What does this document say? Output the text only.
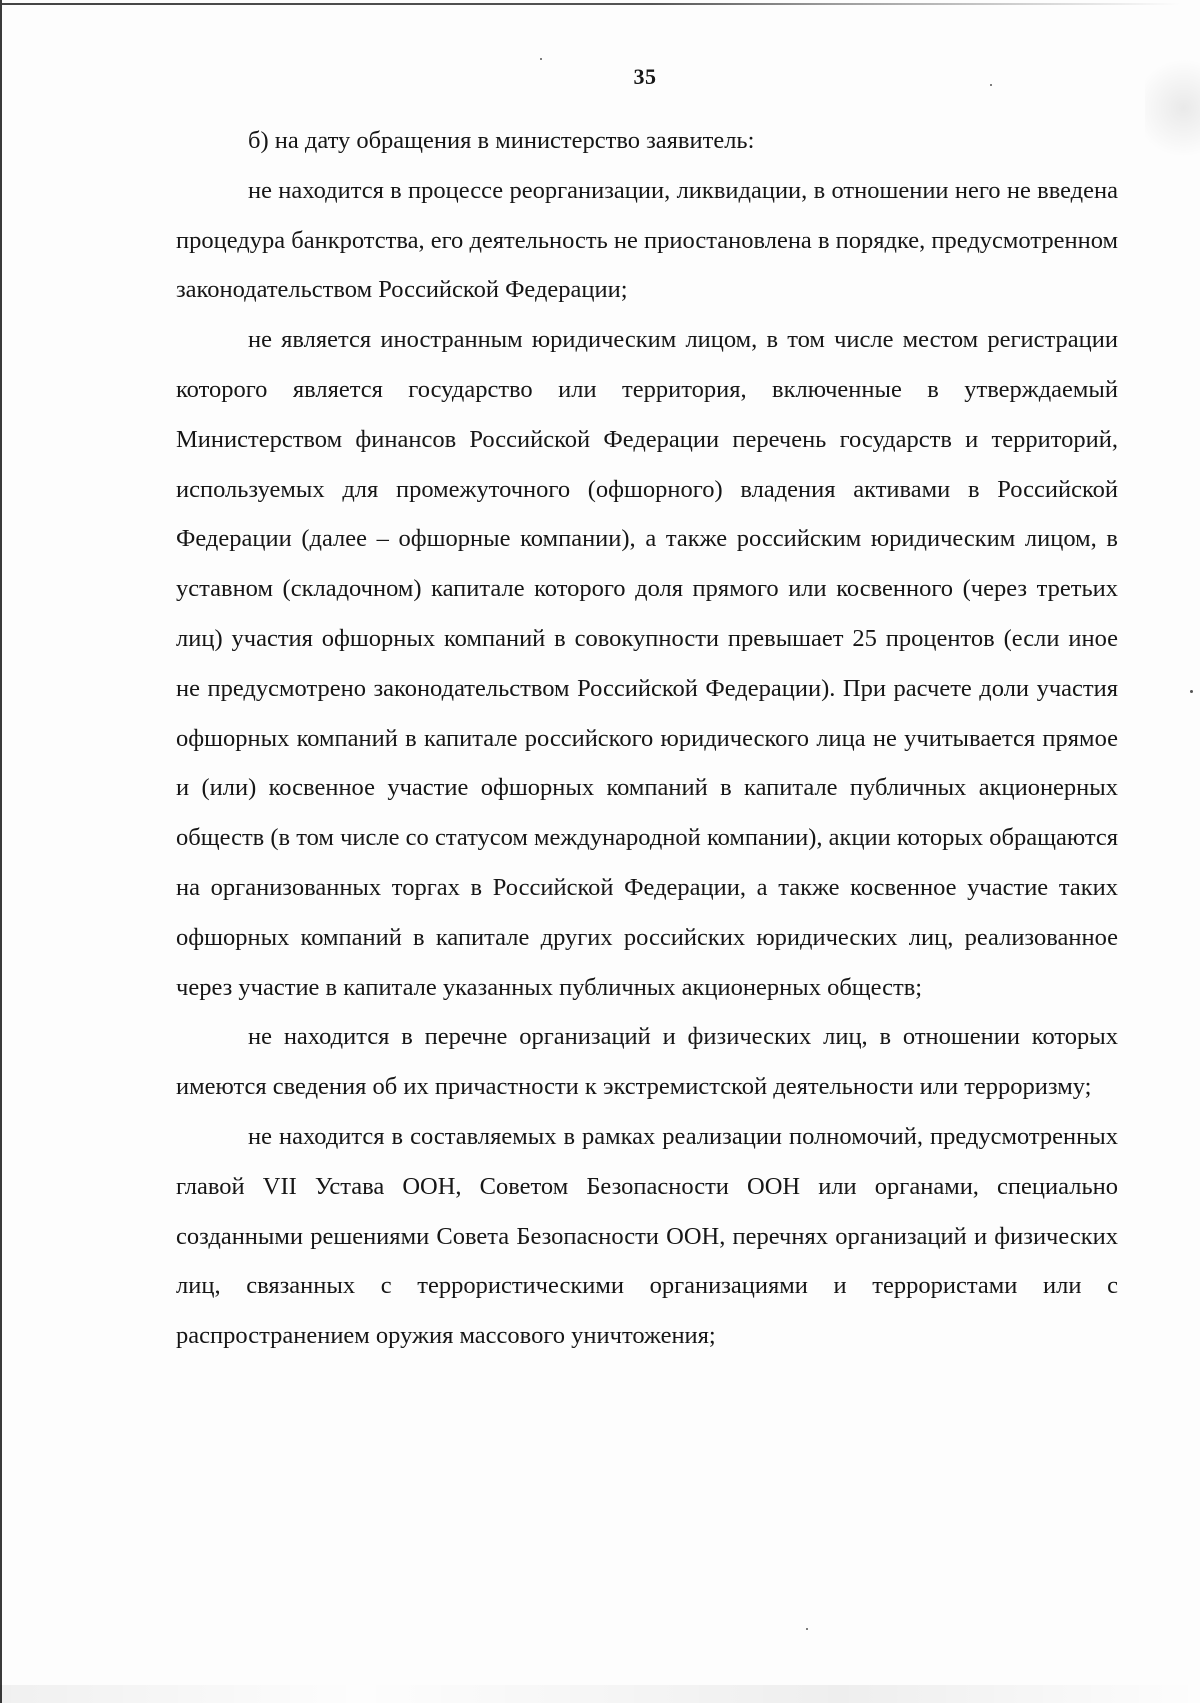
35

б) на дату обращения в министерство заявитель:

не находится в процессе реорганизации, ликвидации, в отношении него не введена процедура банкротства, его деятельность не приостановлена в порядке, предусмотренном законодательством Российской Федерации;

не является иностранным юридическим лицом, в том числе местом регистрации которого является государство или территория, включенные в утверждаемый Министерством финансов Российской Федерации перечень государств и территорий, используемых для промежуточного (офшорного) владения активами в Российской Федерации (далее – офшорные компании), а также российским юридическим лицом, в уставном (складочном) капитале которого доля прямого или косвенного (через третьих лиц) участия офшорных компаний в совокупности превышает 25 процентов (если иное не предусмотрено законодательством Российской Федерации). При расчете доли участия офшорных компаний в капитале российского юридического лица не учитывается прямое и (или) косвенное участие офшорных компаний в капитале публичных акционерных обществ (в том числе со статусом международной компании), акции которых обращаются на организованных торгах в Российской Федерации, а также косвенное участие таких офшорных компаний в капитале других российских юридических лиц, реализованное через участие в капитале указанных публичных акционерных обществ;

не находится в перечне организаций и физических лиц, в отношении которых имеются сведения об их причастности к экстремистской деятельности или терроризму;

не находится в составляемых в рамках реализации полномочий, предусмотренных главой VII Устава ООН, Советом Безопасности ООН или органами, специально созданными решениями Совета Безопасности ООН, перечнях организаций и физических лиц, связанных с террористическими организациями и террористами или с распространением оружия массового уничтожения;
